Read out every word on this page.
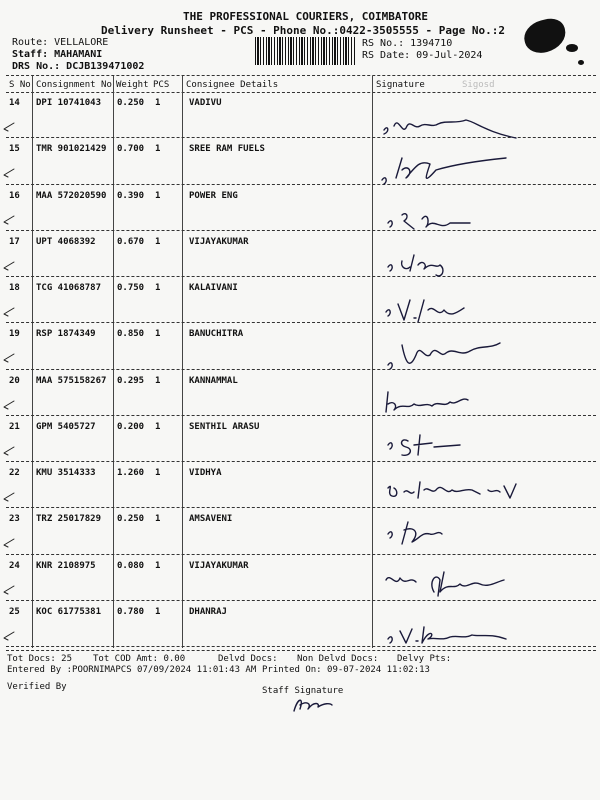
THE PROFESSIONAL COURIERS, COIMBATORE
Delivery Runsheet - PCS - Phone No.:0422-3505555 - Page No.:2
Route: VELLALORE
Staff: MAHAMANI
DRS No.: DCJB139471002
RS No.: 1394710
RS Date: 09-Jul-2024
S No Consignment No Weight PCS Consignee Details	Signature	Sigosd
14 DPI 10741043 0.250 1	VADIVU
15 TMR 901021429 0.700 1	SREE RAM FUELS
16 MAA 572020590 0.390 1	POWER ENG
17 UPT 4068392 0.670 1	VIJAYAKUMAR
18 TCG 41068787 0.750 1	KALAIVANI
19 RSP 1874349 0.850 1	BANUCHITRA
20 MAA 575158267 0.295 1	KANNAMMAL
21 GPM 5405727 0.200 1	SENTHIL ARASU
22 KMU 3514333 1.260 1	VIDHYA
23 TRZ 25017829 0.250 1	AMSAVENI
24 KNR 2108975 0.080 1	VIJAYAKUMAR
25 KOC 61775381 0.780 1	DHANRAJ
Tot Docs: 25 Tot COD Amt: 0.00	Delvd Docs: Non Delvd Docs: Delvy Pts:
Entered By :POORNIMAPCS 07/09/2024 11:01:43 AM Printed On: 09-07-2024 11:02:13
Verified By	Staff Signature
